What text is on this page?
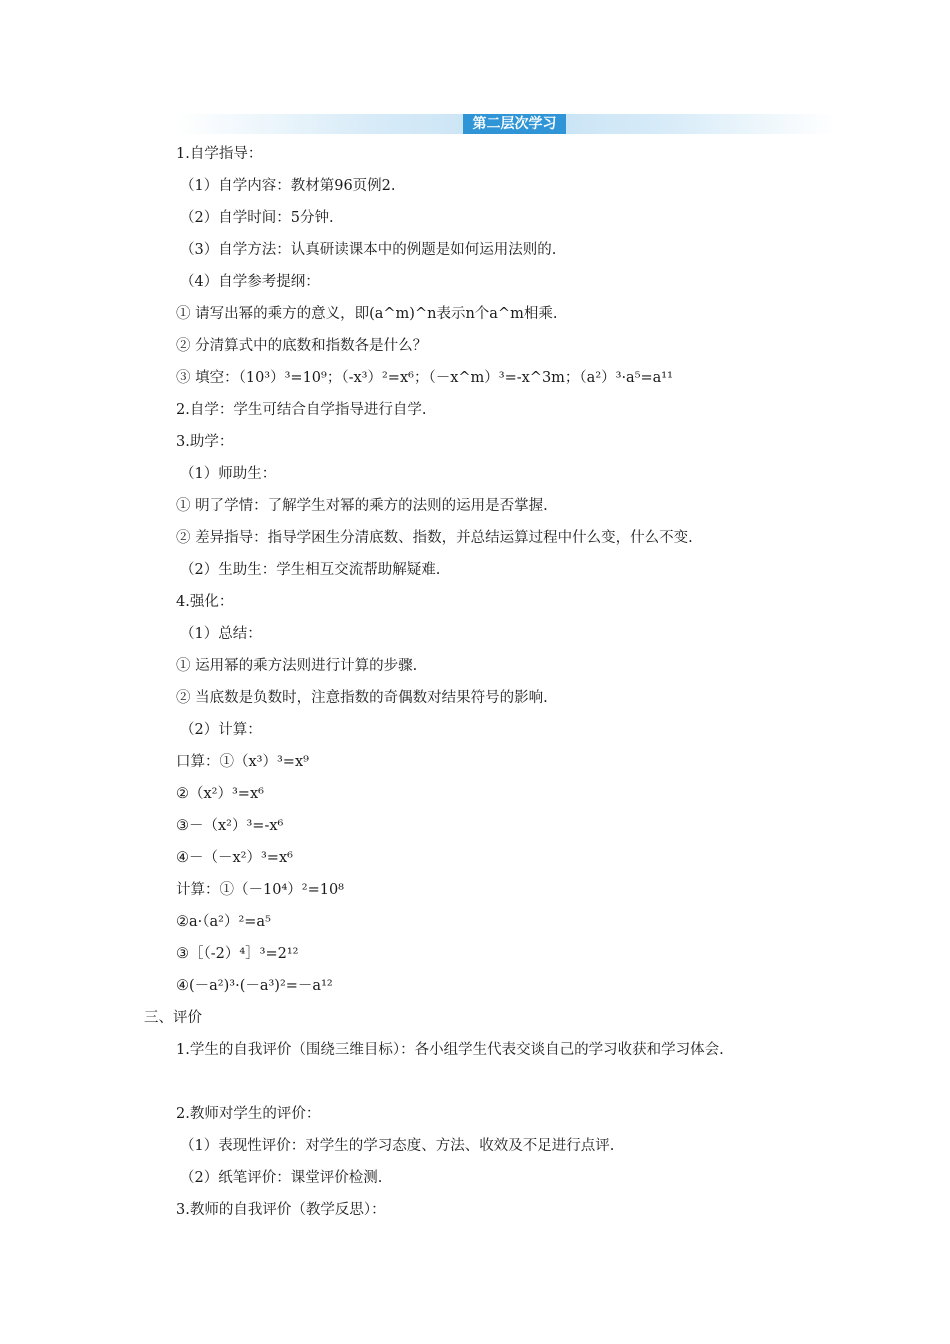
第二层次学习
1.自学指导：
（1）自学内容：教材第96页例2.
（2）自学时间：5分钟.
（3）自学方法：认真研读课本中的例题是如何运用法则的.
（4）自学参考提纲：
① 请写出幂的乘方的意义，即(a^m)^n表示n个a^m相乘.
② 分清算式中的底数和指数各是什么？
③ 填空：（10³）³=10⁹；（-x³）²=x⁶；（－x^m）³=-x^3m；（a²）³·a⁵=a¹¹
2.自学：学生可结合自学指导进行自学.
3.助学：
（1）师助生：
① 明了学情：了解学生对幂的乘方的法则的运用是否掌握.
② 差异指导：指导学困生分清底数、指数，并总结运算过程中什么变，什么不变.
（2）生助生：学生相互交流帮助解疑难.
4.强化：
（1）总结：
① 运用幂的乘方法则进行计算的步骤.
② 当底数是负数时，注意指数的奇偶数对结果符号的影响.
（2）计算：
口算：①（x³）³=x⁹
②（x²）³=x⁶
③－（x²）³=-x⁶
④－（－x²）³=x⁶
计算：①（－10⁴）²=10⁸
②a·（a²）²=a⁵
③［（-2）⁴］³=2¹²
④(－a²)³·(－a³)²=－a¹²
三、评价
1.学生的自我评价（围绕三维目标）：各小组学生代表交谈自己的学习收获和学习体会.
2.教师对学生的评价：
（1）表现性评价：对学生的学习态度、方法、收效及不足进行点评.
（2）纸笔评价：课堂评价检测.
3.教师的自我评价（教学反思）：
